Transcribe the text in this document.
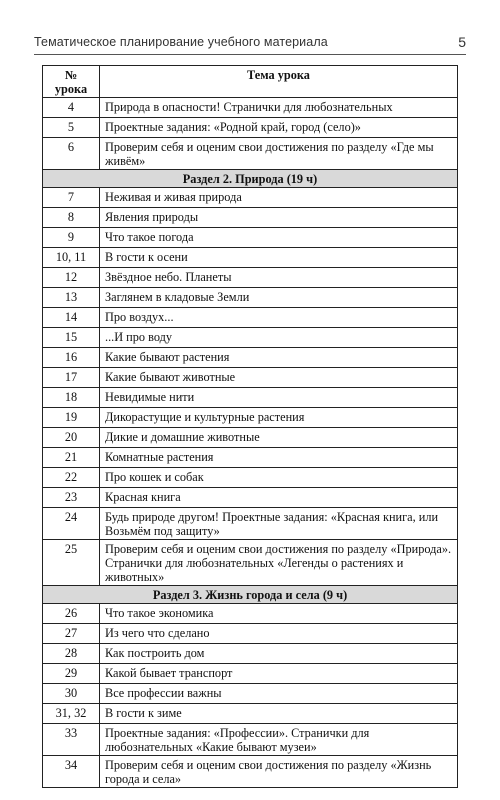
Тематическое планирование учебного материала	5
№ урока	Тема урока
4	Природа в опасности! Странички для любознательных
5	Проектные задания: «Родной край, город (село)»
6	Проверим себя и оценим свои достижения по разделу «Где мы живём»
Раздел 2. Природа (19 ч)	
7	Неживая и живая природа
8	Явления природы
9	Что такое погода
10, 11	В гости к осени
12	Звёздное небо. Планеты
13	Заглянем в кладовые Земли
14	Про воздух...
15	...И про воду
16	Какие бывают растения
17	Какие бывают животные
18	Невидимые нити
19	Дикорастущие и культурные растения
20	Дикие и домашние животные
21	Комнатные растения
22	Про кошек и собак
23	Красная книга
24	Будь природе другом! Проектные задания: «Красная книга, или Возьмём под защиту»
25	Проверим себя и оценим свои достижения по разделу «Природа». Странички для любознательных «Легенды о растениях и животных»
Раздел 3. Жизнь города и села (9 ч)	
26	Что такое экономика
27	Из чего что сделано
28	Как построить дом
29	Какой бывает транспорт
30	Все профессии важны
31, 32	В гости к зиме
33	Проектные задания: «Профессии». Странички для любознательных «Какие бывают музеи»
34	Проверим себя и оценим свои достижения по разделу «Жизнь города и села»
